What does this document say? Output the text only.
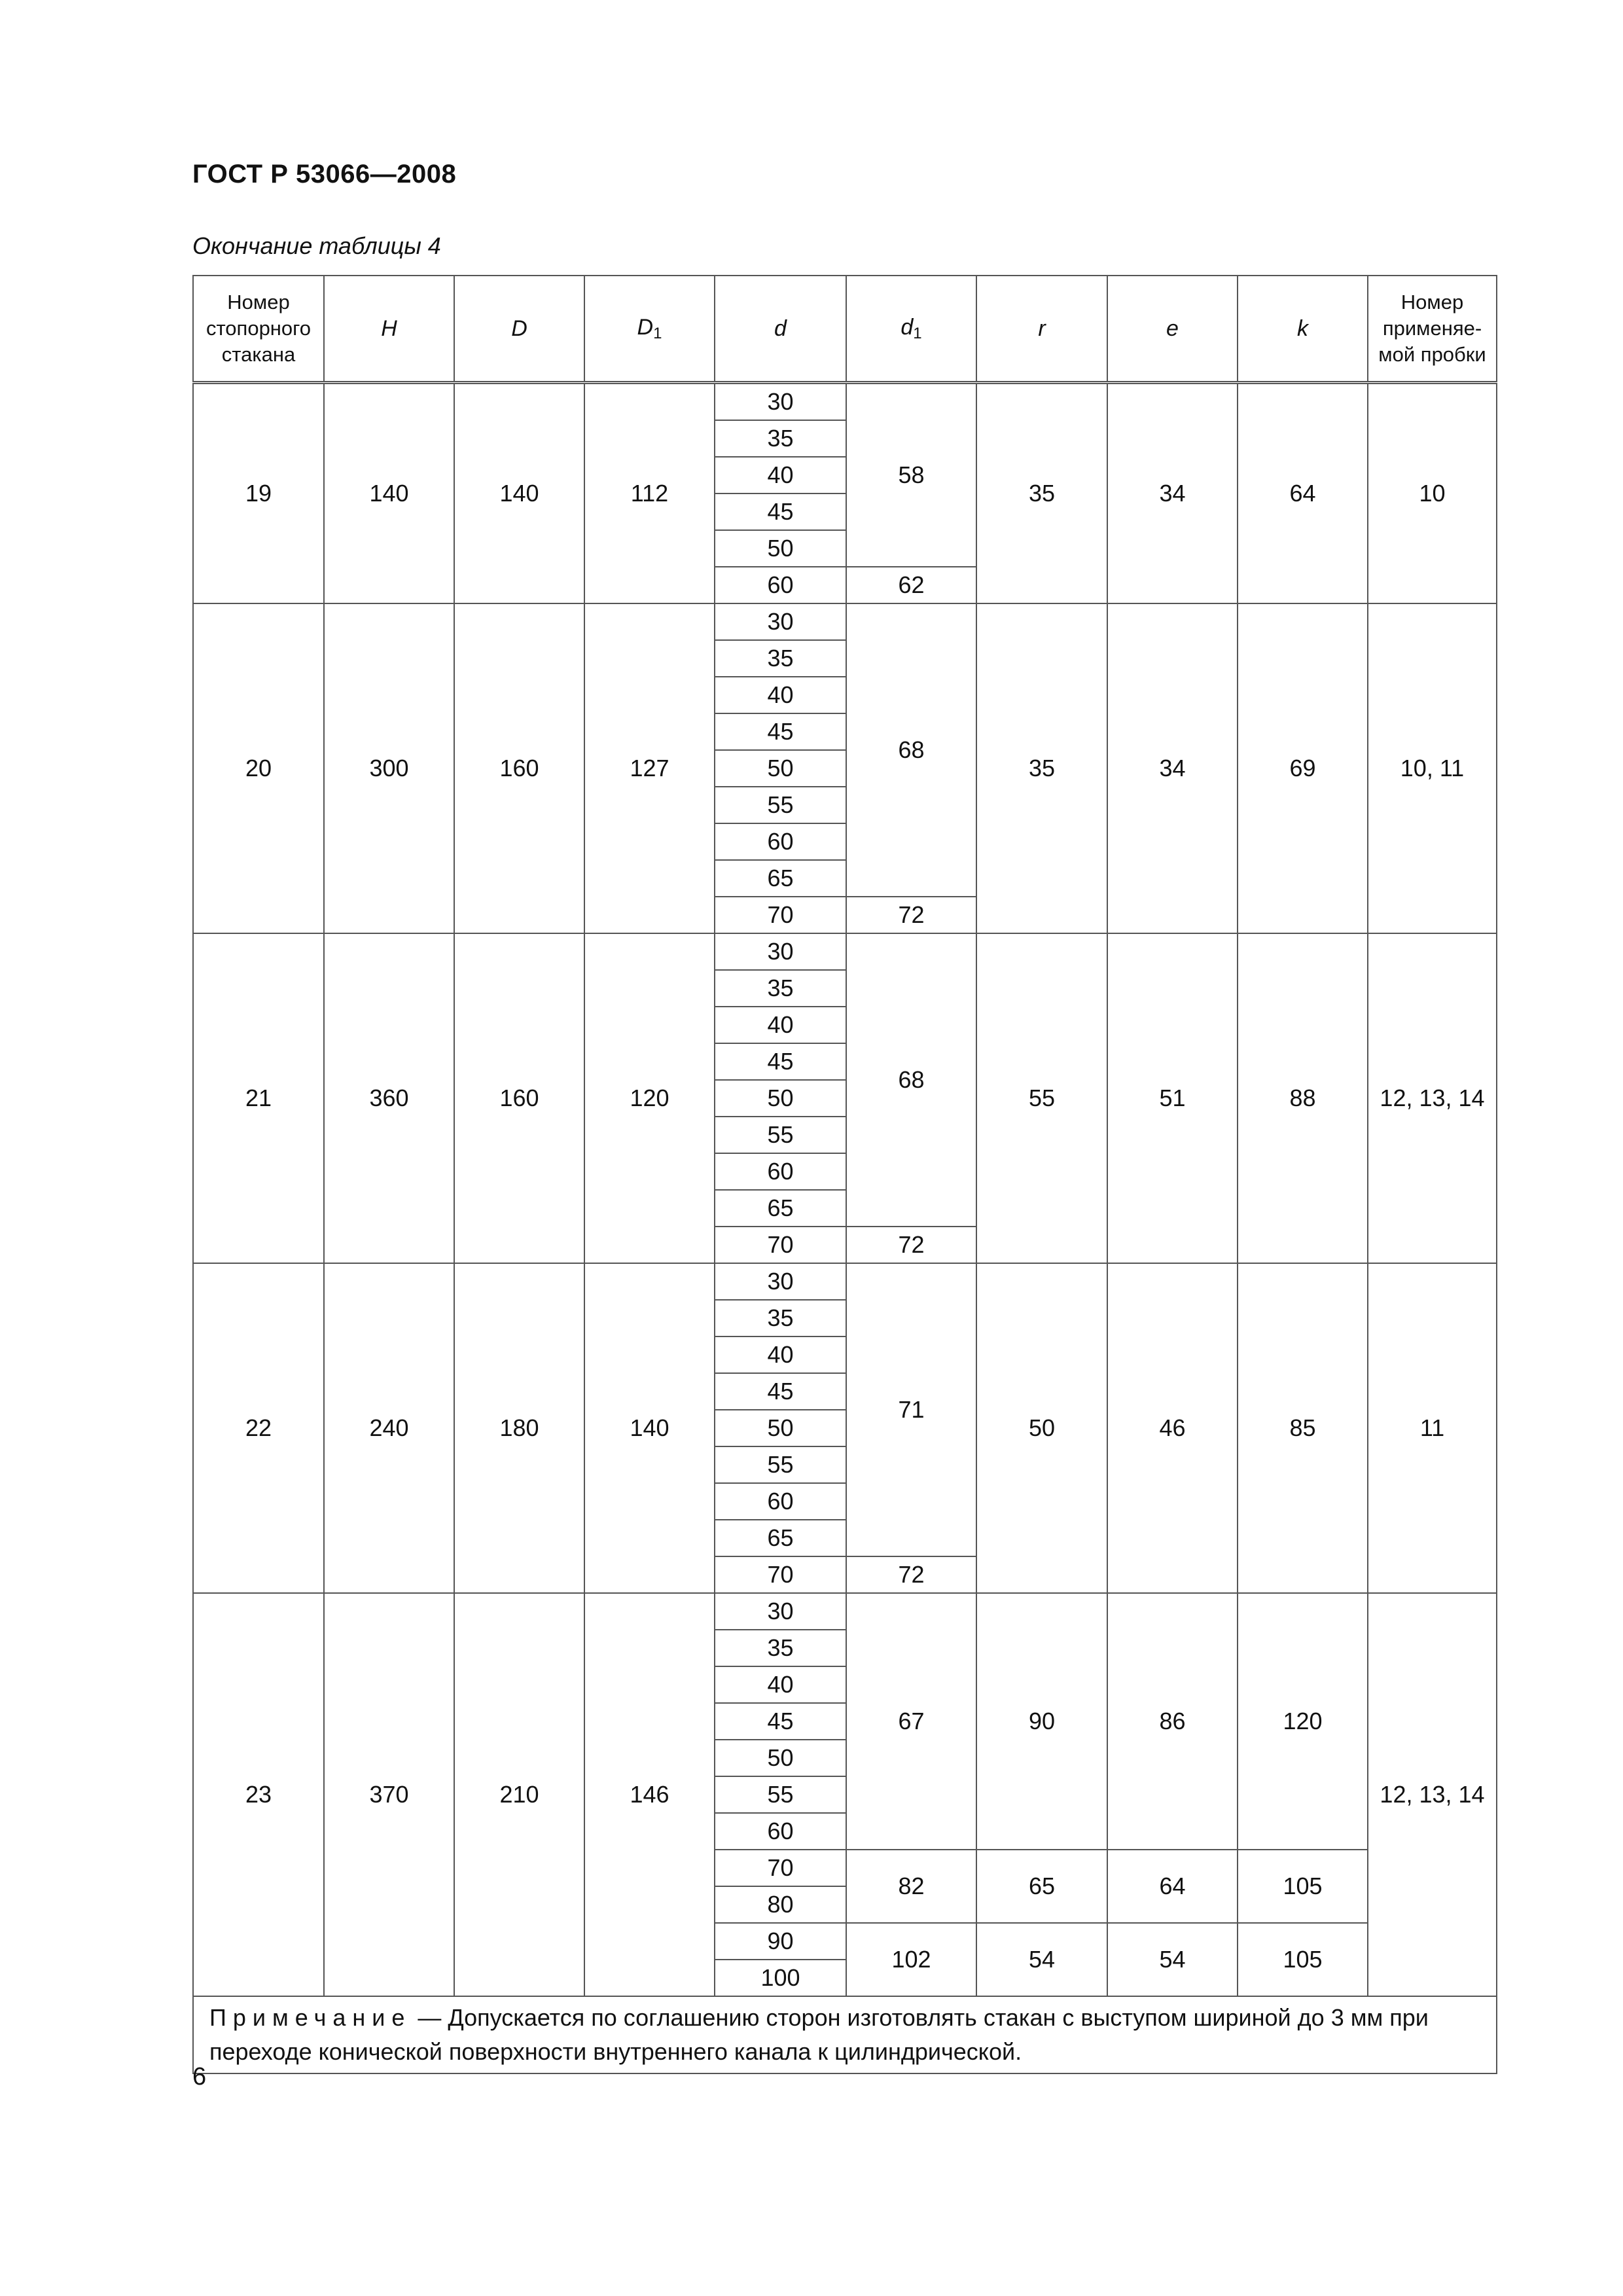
ГОСТ Р 53066—2008
Окончание таблицы 4
Номер стопорного стакана	H	D	$D_1$	d	$d_1$	r	e	k	Номер применяе-мой пробки
19	140	140	112	30	58	35	34	64	10
				35					
				40					
				45					
				50					
				60	62				
20	300	160	127	30	68	35	34	69	10, 11
				35					
				40					
				45					
				50					
				55					
				60					
				65					
				70	72				
21	360	160	120	30	68	55	51	88	12, 13, 14
				35					
				40					
				45					
				50					
				55					
				60					
				65					
				70	72				
22	240	180	140	30	71	50	46	85	11
				35					
				40					
				45					
				50					
				55					
				60					
				65					
				70	72				
23	370	210	146	30	67	90	86	120	12, 13, 14
				35					
				40					
				45					
				50					
				55					
				60					
				70	82	65	64	105	
				80					
				90	102	54	54	105	
				100					
Примечание — Допускается по соглашению сторон изготовлять стакан с выступом шириной до 3 мм при переходе конической поверхности внутреннего канала к цилиндрической.									
6
